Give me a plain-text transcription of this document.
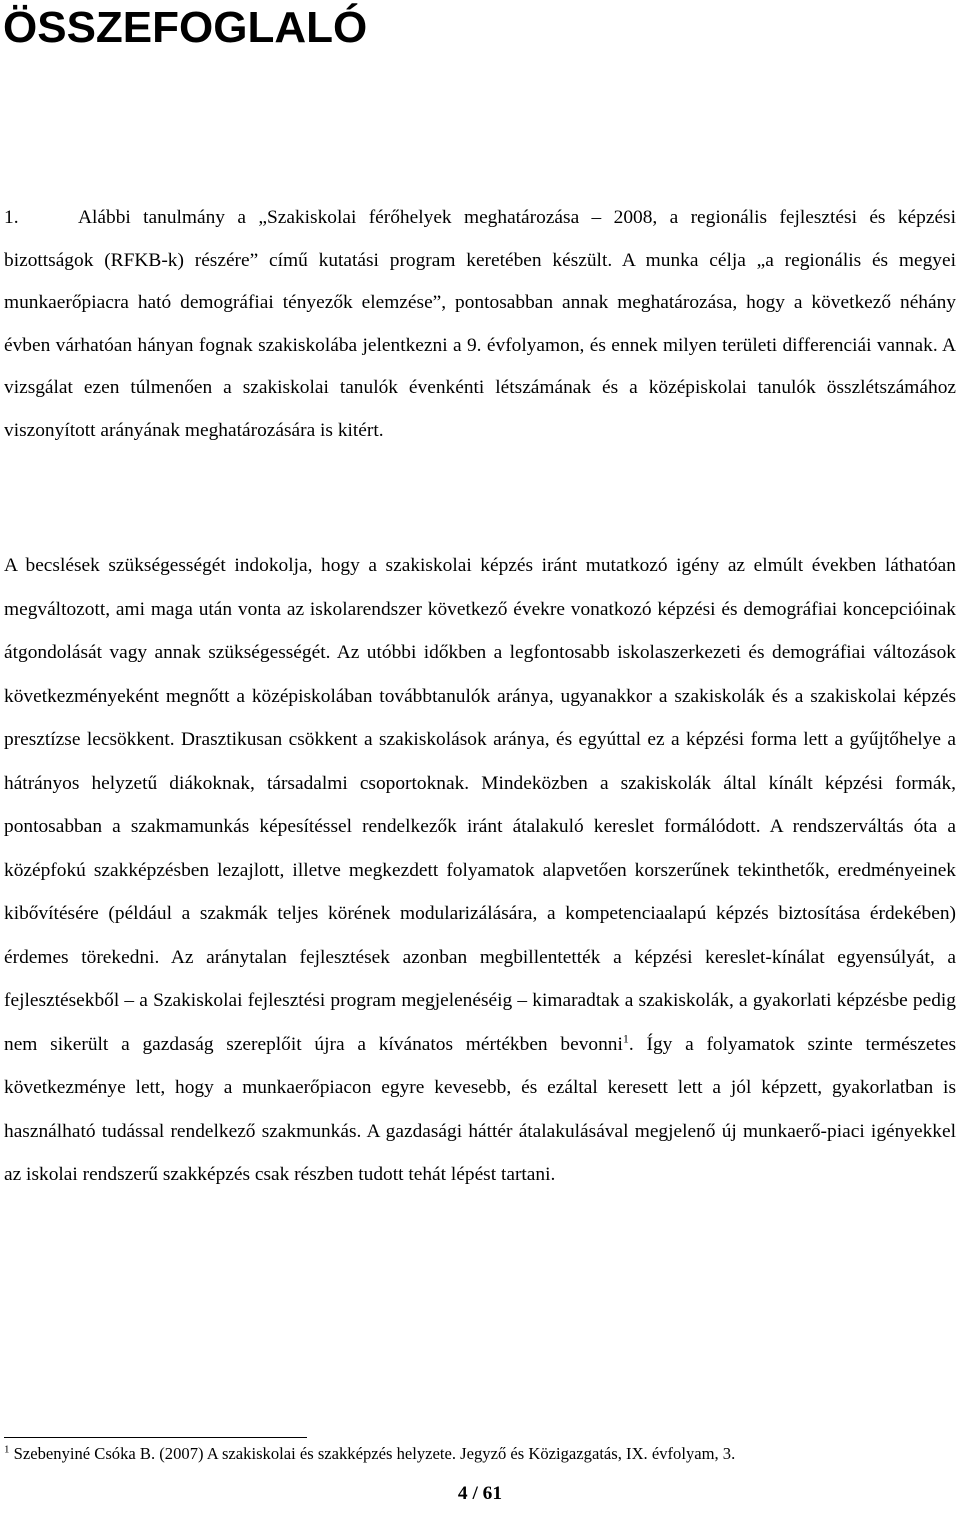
ÖSSZEFOGLALÓ

1.	Alábbi tanulmány a „Szakiskolai férőhelyek meghatározása – 2008, a regionális fejlesztési és képzési bizottságok (RFKB-k) részére” című kutatási program keretében készült. A munka célja „a regionális és megyei munkaerőpiacra ható demográfiai tényezők elemzése”, pontosabban annak meghatározása, hogy a következő néhány évben várhatóan hányan fognak szakiskolába jelentkezni a 9. évfolyamon, és ennek milyen területi differenciái vannak. A vizsgálat ezen túlmenően a szakiskolai tanulók évenkénti létszámának és a középiskolai tanulók összlétszámához viszonyított arányának meghatározására is kitért.

A becslések szükségességét indokolja, hogy a szakiskolai képzés iránt mutatkozó igény az elmúlt években láthatóan megváltozott, ami maga után vonta az iskolarendszer következő évekre vonatkozó képzési és demográfiai koncepcióinak átgondolását vagy annak szükségességét. Az utóbbi időkben a legfontosabb iskolaszerkezeti és demográfiai változások következményeként megnőtt a középiskolában továbbtanulók aránya, ugyanakkor a szakiskolák és a szakiskolai képzés presztízse lecsökkent. Drasztikusan csökkent a szakiskolások aránya, és egyúttal ez a képzési forma lett a gyűjtőhelye a hátrányos helyzetű diákoknak, társadalmi csoportoknak. Mindeközben a szakiskolák által kínált képzési formák, pontosabban a szakmamunkás képesítéssel rendelkezők iránt átalakuló kereslet formálódott. A rendszerváltás óta a középfokú szakképzésben lezajlott, illetve megkezdett folyamatok alapvetően korszerűnek tekinthetők, eredményeinek kibővítésére (például a szakmák teljes körének modularizálására, a kompetenciaalapú képzés biztosítása érdekében) érdemes törekedni. Az aránytalan fejlesztések azonban megbillentették a képzési kereslet-kínálat egyensúlyát, a fejlesztésekből – a Szakiskolai fejlesztési program megjelenéséig – kimaradtak a szakiskolák, a gyakorlati képzésbe pedig nem sikerült a gazdaság szereplőit újra a kívánatos mértékben bevonni$^1$. Így a folyamatok szinte természetes következménye lett, hogy a munkaerőpiacon egyre kevesebb, és ezáltal keresett lett a jól képzett, gyakorlatban is használható tudással rendelkező szakmunkás. A gazdasági háttér átalakulásával megjelenő új munkaerő-piaci igényekkel az iskolai rendszerű szakképzés csak részben tudott tehát lépést tartani.

$^1$ Szebenyiné Csóka B. (2007) A szakiskolai és szakképzés helyzete. Jegyző és Közigazgatás, IX. évfolyam, 3.

4 / 61
